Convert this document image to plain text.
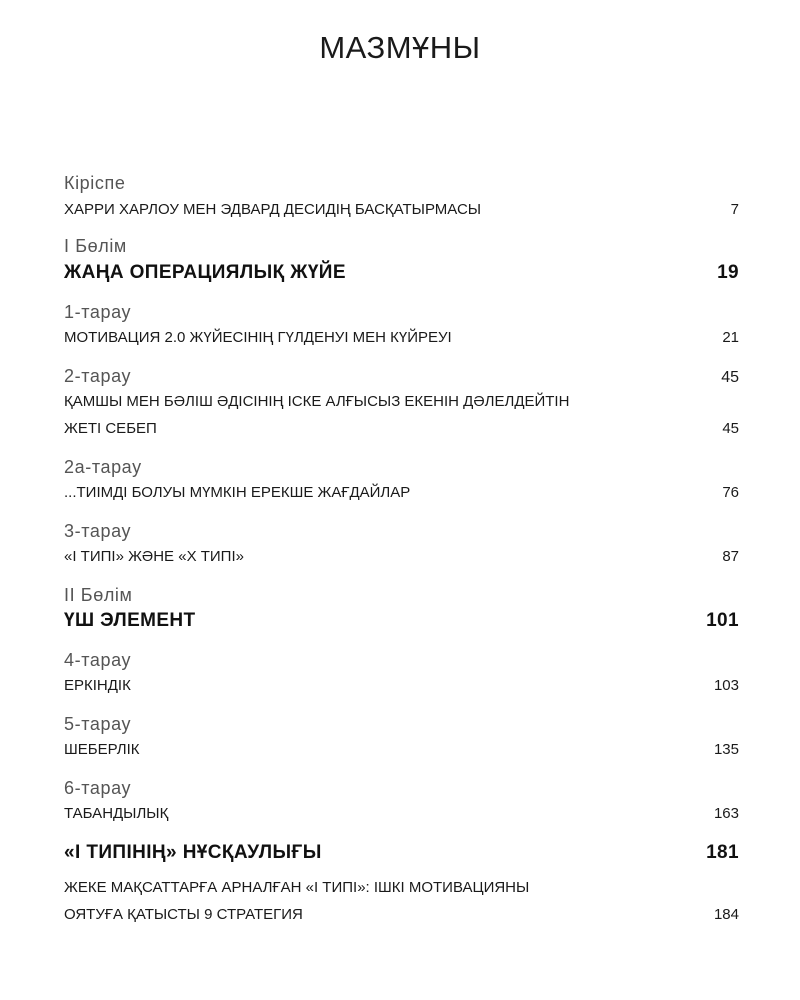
МАЗМҰНЫ
Кіріспе
ХАРРИ ХАРЛОУ МЕН ЭДВАРД ДЕСИДІҢ БАСҚАТЫРМАСЫ	7
I Бөлім
ЖАҢА ОПЕРАЦИЯЛЫҚ ЖҮЙЕ	19
1-тарау
МОТИВАЦИЯ 2.0 ЖҮЙЕСІНІҢ ГҮЛДЕНУІ МЕН КҮЙРЕУІ	21
2-тарау	45
ҚАМШЫ МЕН БӘЛІШ ӘДІСІНІҢ ІСКЕ АЛҒЫСЫЗ ЕКЕНІН ДӘЛЕЛДЕЙТІН
ЖЕТІ СЕБЕП	45
2а-тарау
...ТИІМДІ БОЛУЫ МҮМКІН ЕРЕКШЕ ЖАҒДАЙЛАР	76
3-тарау
«І ТИПІ» ЖӘНЕ «Х ТИПІ»	87
II Бөлім
ҮШ ЭЛЕМЕНТ	101
4-тарау
ЕРКІНДІК	103
5-тарау
ШЕБЕРЛІК	135
6-тарау
ТАБАНДЫЛЫҚ	163
«І ТИПІНІҢ» НҰСҚАУЛЫҒЫ	181
ЖЕКЕ МАҚСАТТАРҒА АРНАЛҒАН «І ТИПІ»: ІШКІ МОТИВАЦИЯНЫ
ОЯТУҒА ҚАТЫСТЫ 9 СТРАТЕГИЯ	184
